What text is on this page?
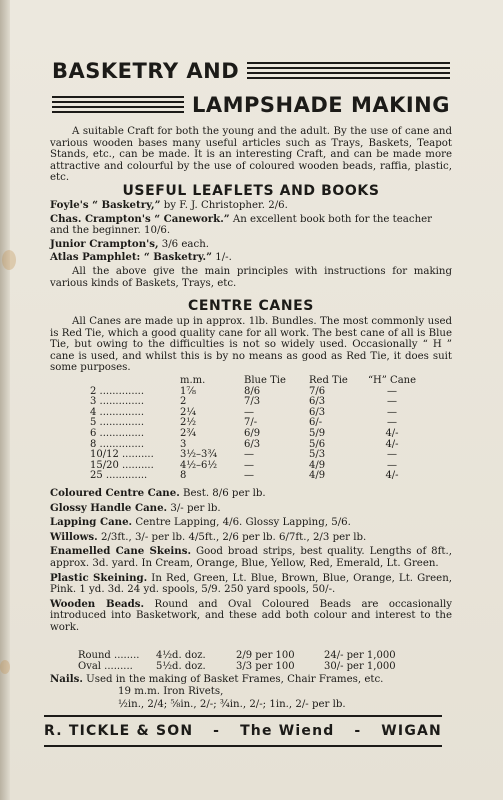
BASKETRY AND
LAMPSHADE MAKING
A suitable Craft for both the young and the adult. By the use of cane and various wooden bases many useful articles such as Trays, Baskets, Teapot Stands, etc., can be made. It is an interesting Craft, and can be made more attractive and colourful by the use of coloured wooden beads, raffia, plastic, etc.
USEFUL LEAFLETS AND BOOKS
Foyle's “ Basketry,” by F. J. Christopher. 2/6.
Chas. Crampton's “ Canework.” An excellent book both for the teacher and the beginner. 10/6.
Junior Crampton's, 3/6 each.
Atlas Pamphlet: “ Basketry.” 1/-.
All the above give the main principles with instructions for making various kinds of Baskets, Trays, etc.
CENTRE CANES
All Canes are made up in approx. 1lb. Bundles. The most commonly used is Red Tie, which a good quality cane for all work. The best cane of all is Blue Tie, but owing to the difficulties is not so widely used. Occasionally “ H ” cane is used, and whilst this is by no means as good as Red Tie, it does suit some purposes.
	m.m.	Blue Tie	Red Tie	“H” Cane
2 ..............	1⁷⁄₈	8/6	7/6	—
3 ..............	2	7/3	6/3	—
4 ..............	2¼	—	6/3	—
5 ..............	2½	7/-	6/-	—
6 ..............	2¾	6/9	5/9	4/-
8 ..............	3	6/3	5/6	4/-
10/12 ..........	3½–3¾	—	5/3	—
15/20 ..........	4½–6½	—	4/9	—
25 .............	8	—	4/9	4/-
Coloured Centre Cane. Best. 8/6 per lb.
Glossy Handle Cane. 3/- per lb.
Lapping Cane. Centre Lapping, 4/6. Glossy Lapping, 5/6.
Willows. 2/3ft., 3/- per lb. 4/5ft., 2/6 per lb. 6/7ft., 2/3 per lb.
Enamelled Cane Skeins. Good broad strips, best quality. Lengths of 8ft., approx. 3d. yard. In Cream, Orange, Blue, Yellow, Red, Emerald, Lt. Green.
Plastic Skeining. In Red, Green, Lt. Blue, Brown, Blue, Orange, Lt. Green, Pink. 1 yd. 3d. 24 yd. spools, 5/9. 250 yard spools, 50/-.
Wooden Beads. Round and Oval Coloured Beads are occasionally introduced into Basketwork, and these add both colour and interest to the work.
Round ........	4½d. doz.	2/9 per 100	24/- per 1,000
Oval .........	5½d. doz.	3/3 per 100	30/- per 1,000
Nails. Used in the making of Basket Frames, Chair Frames, etc.
19 m.m. Iron Rivets,
½in., 2/4; ⅝in., 2/-; ¾in., 2/-; 1in., 2/- per lb.
R. TICKLE & SON - The Wiend - WIGAN
